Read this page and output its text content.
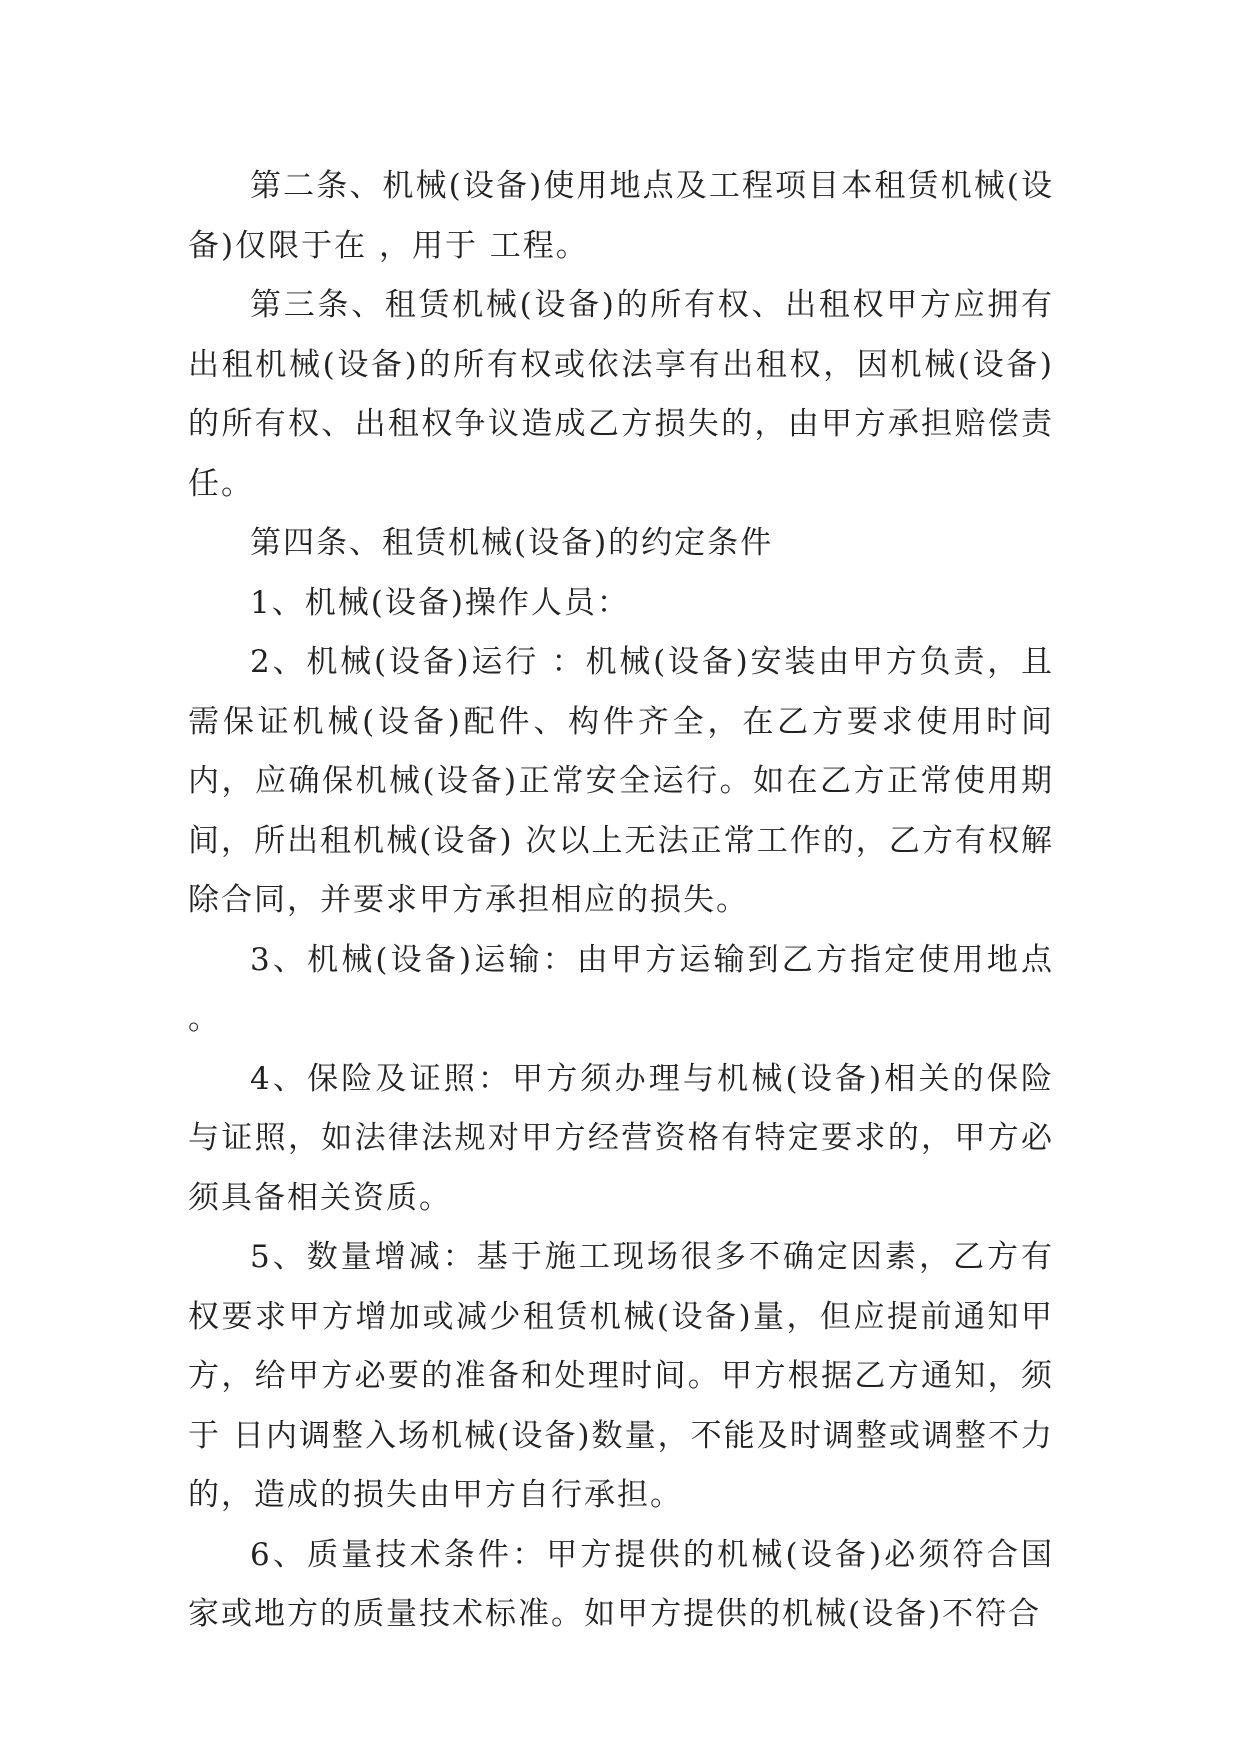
第二条、机械(设备)使用地点及工程项目本租赁机械(设备)仅限于在 ，用于 工程。

第三条、租赁机械(设备)的所有权、出租权甲方应拥有出租机械(设备)的所有权或依法享有出租权，因机械(设备)的所有权、出租权争议造成乙方损失的，由甲方承担赔偿责任。

第四条、租赁机械(设备)的约定条件

1、机械(设备)操作人员：

2、机械(设备)运行 ：机械(设备)安装由甲方负责，且需保证机械(设备)配件、构件齐全，在乙方要求使用时间内，应确保机械(设备)正常安全运行。如在乙方正常使用期间，所出租机械(设备) 次以上无法正常工作的，乙方有权解除合同，并要求甲方承担相应的损失。

3、机械(设备)运输：由甲方运输到乙方指定使用地点 。

4、保险及证照：甲方须办理与机械(设备)相关的保险与证照，如法律法规对甲方经营资格有特定要求的，甲方必须具备相关资质。

5、数量增减：基于施工现场很多不确定因素，乙方有权要求甲方增加或减少租赁机械(设备)量，但应提前通知甲方，给甲方必要的准备和处理时间。甲方根据乙方通知，须于 日内调整入场机械(设备)数量，不能及时调整或调整不力的，造成的损失由甲方自行承担。

6、质量技术条件：甲方提供的机械(设备)必须符合国家或地方的质量技术标准。如甲方提供的机械(设备)不符合
